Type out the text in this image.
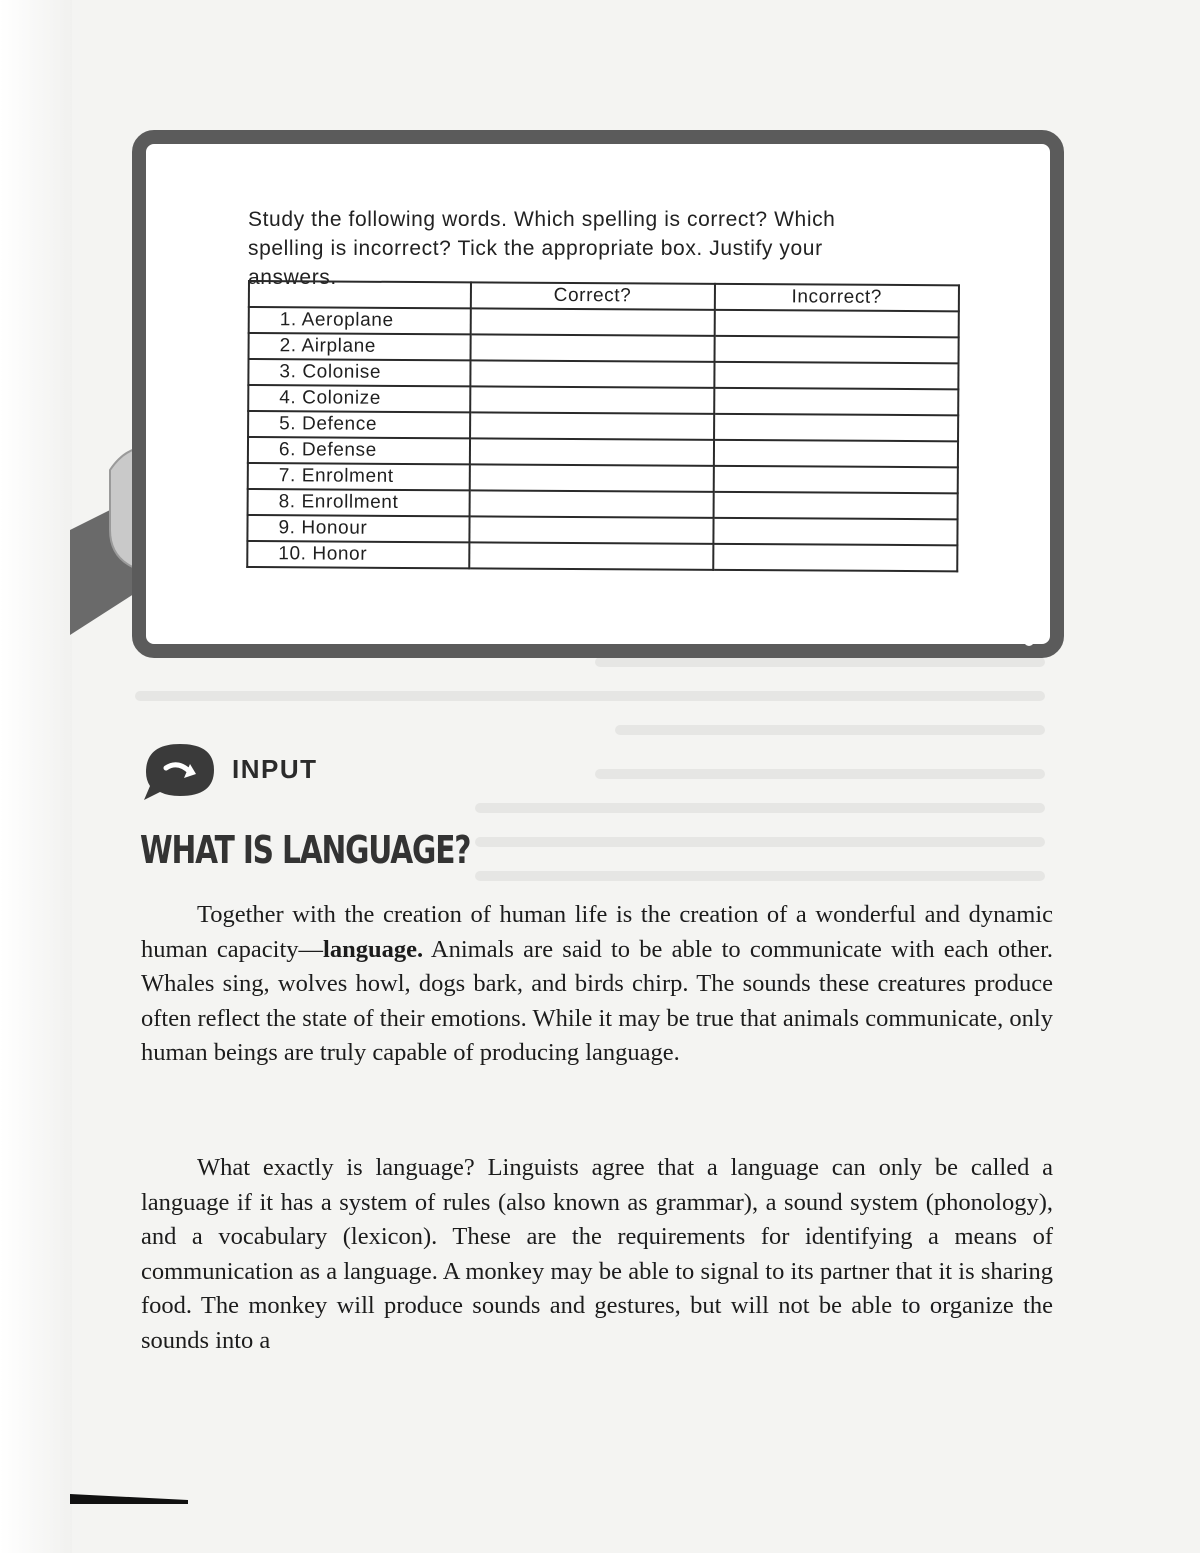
Study the following words. Which spelling is correct? Which spelling is incorrect? Tick the appropriate box. Justify your answers.

	Correct?	Incorrect?
1. Aeroplane		
2. Airplane		
3. Colonise		
4. Colonize		
5. Defence		
6. Defense		
7. Enrolment		
8. Enrollment		
9. Honour		
10. Honor		
INPUT
WHAT IS LANGUAGE?

Together with the creation of human life is the creation of a wonderful and dynamic human capacity—language. Animals are said to be able to communicate with each other. Whales sing, wolves howl, dogs bark, and birds chirp. The sounds these creatures produce often reflect the state of their emotions. While it may be true that animals communicate, only human beings are truly capable of producing language.

What exactly is language? Linguists agree that a language can only be called a language if it has a system of rules (also known as grammar), a sound system (phonology), and a vocabulary (lexicon). These are the requirements for identifying a means of communication as a language. A monkey may be able to signal to its partner that it is sharing food. The monkey will produce sounds and gestures, but will not be able to organize the sounds into a
